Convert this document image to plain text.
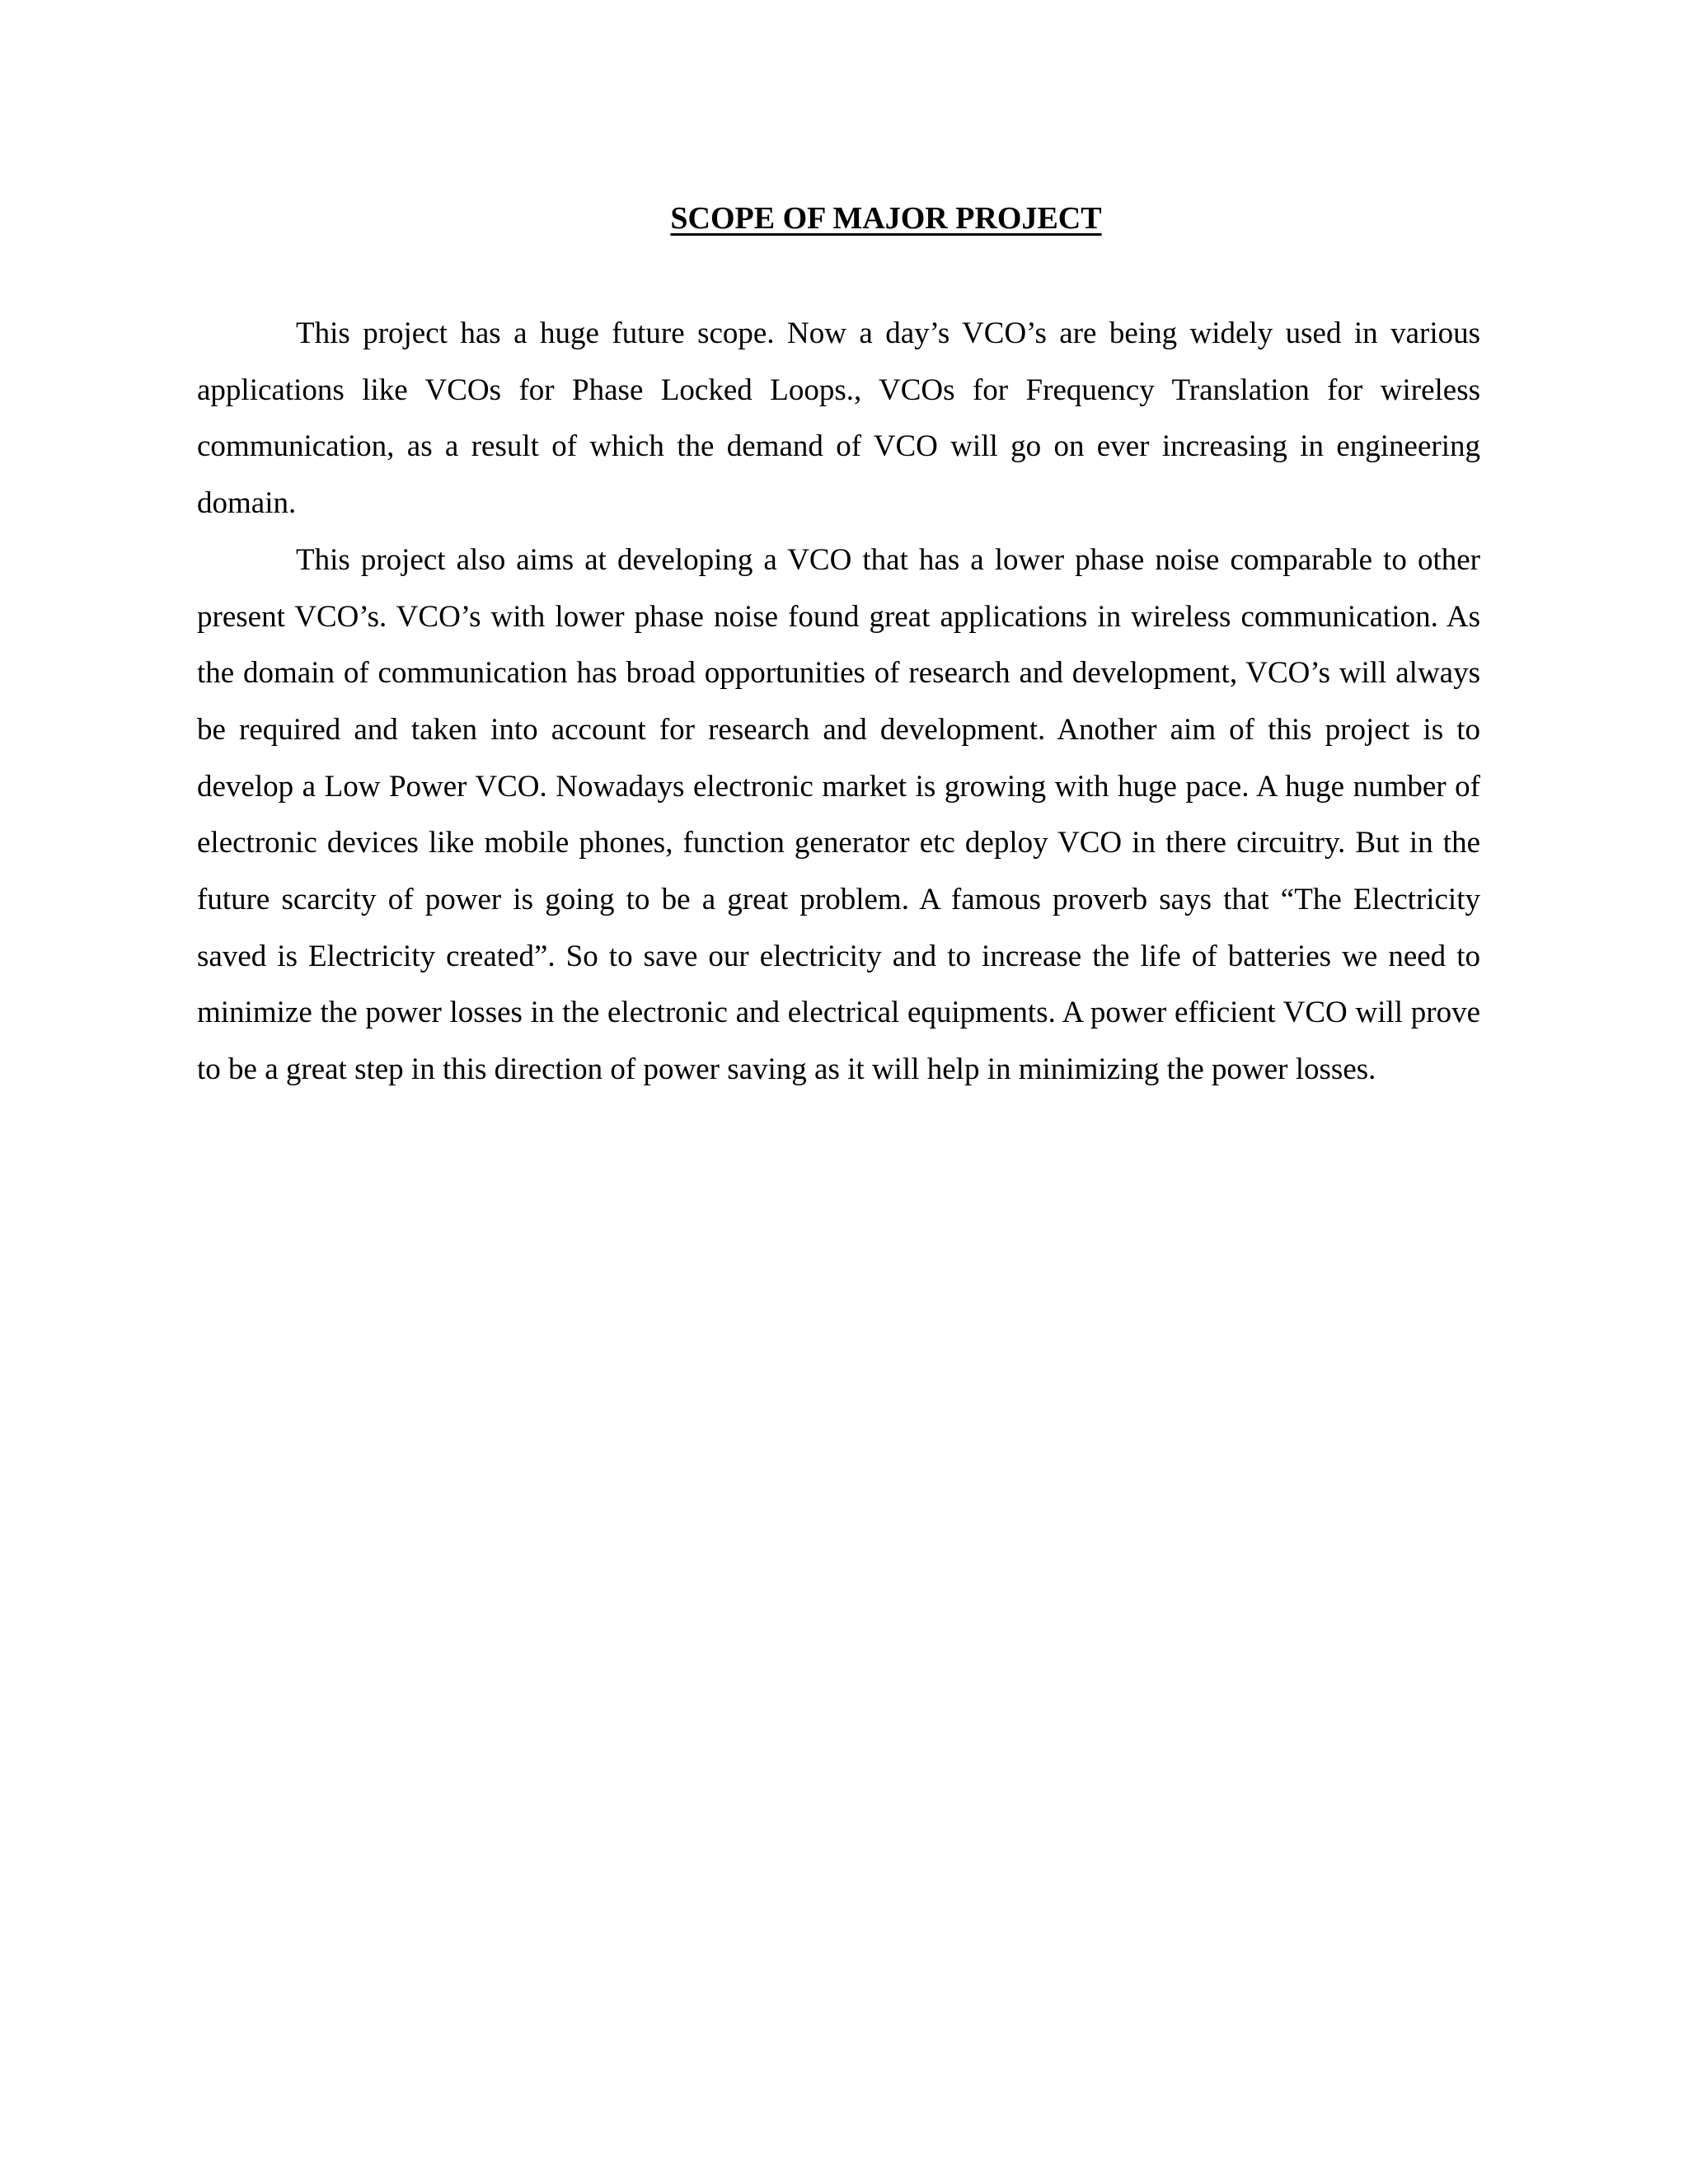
SCOPE OF MAJOR PROJECT

This project has a huge future scope. Now a day’s VCO’s are being widely used in various applications like VCOs for Phase Locked Loops., VCOs for Frequency Translation for wireless communication, as a result of which the demand of VCO will go on ever increasing in engineering domain.

This project also aims at developing a VCO that has a lower phase noise comparable to other present VCO’s. VCO’s with lower phase noise found great applications in wireless communication. As the domain of communication has broad opportunities of research and development, VCO’s will always be required and taken into account for research and development. Another aim of this project is to develop a Low Power VCO. Nowadays electronic market is growing with huge pace. A huge number of electronic devices like mobile phones, function generator etc deploy VCO in there circuitry. But in the future scarcity of power is going to be a great problem. A famous proverb says that “The Electricity saved is Electricity created”. So to save our electricity and to increase the life of batteries we need to minimize the power losses in the electronic and electrical equipments. A power efficient VCO will prove to be a great step in this direction of power saving as it will help in minimizing the power losses.
